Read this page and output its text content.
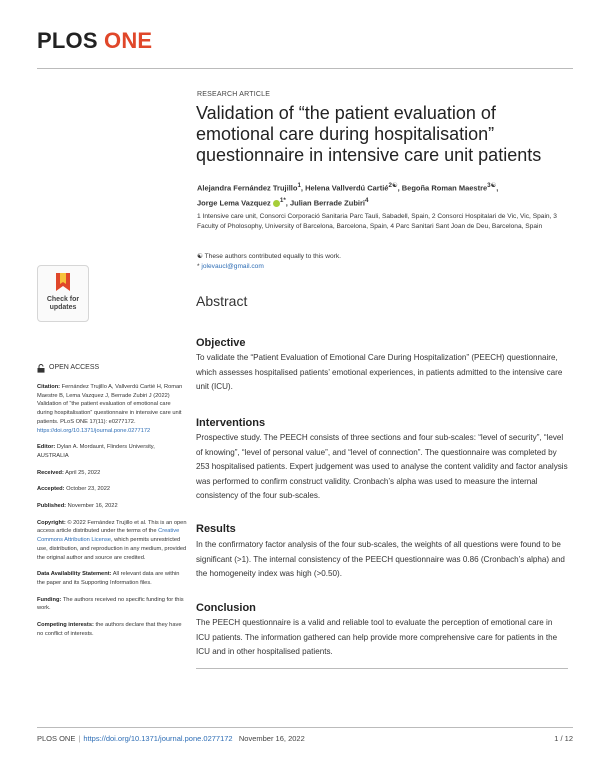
PLOS ONE
Check for
updates
RESEARCH ARTICLE
Validation of “the patient evaluation of emotional care during hospitalisation” questionnaire in intensive care unit patients
Alejandra Fernández Trujillo$^1$, Helena Vallverdú Cartié$^{2☯}$, Begoña Roman Maestre$^{3☯}$,
Jorge Lema Vazquez $^{1*}$, Julian Berrade Zubiri$^4$
1 Intensive care unit, Consorci Corporació Sanitaria Parc Tauli, Sabadell, Spain, 2 Consorci Hospitalari de Vic, Vic, Spain, 3 Faculty of Pholosophy, University of Barcelona, Barcelona, Spain, 4 Parc Sanitari Sant Joan de Deu, Barcelona, Spain
☯ These authors contributed equally to this work.
* jolevaucl@gmail.com
Abstract
Objective
To validate the “Patient Evaluation of Emotional Care During Hospitalization” (PEECH) questionnaire, which assesses hospitalised patients’ emotional experiences, in patients admitted to the intensive care unit (ICU).
Interventions
Prospective study. The PEECH consists of three sections and four sub-scales: “level of security”, “level of knowing”, “level of personal value”, and “level of connection”. The questionnaire was completed by 253 hospitalised patients. Expert judgement was used to analyse the content validity and factor analysis was performed to confirm construct validity. Cronbach’s alpha was used to measure the internal consistency of the four sub-scales.
Results
In the confirmatory factor analysis of the four sub-scales, the weights of all questions were found to be significant (>1). The internal consistency of the PEECH questionnaire was 0.86 (Cronbach’s alpha) and the homogeneity index was high (>0.50).
Conclusion
The PEECH questionnaire is a valid and reliable tool to evaluate the perception of emotional care in ICU patients. The information gathered can help provide more comprehensive care for patients in the ICU and in other hospitalised patients.
OPEN ACCESS

Citation: Fernández Trujillo A, Vallverdú Cartié H, Roman Maestre B, Lema Vazquez J, Berrade Zubiri J (2022) Validation of “the patient evaluation of emotional care during hospitalisation” questionnaire in intensive care unit patients. PLoS ONE 17(11): e0277172. https://doi.org/10.1371/journal.pone.0277172

Editor: Dylan A. Mordaunt, Flinders University, AUSTRALIA

Received: April 25, 2022

Accepted: October 23, 2022

Published: November 16, 2022

Copyright: © 2022 Fernández Trujillo et al. This is an open access article distributed under the terms of the Creative Commons Attribution License, which permits unrestricted use, distribution, and reproduction in any medium, provided the original author and source are credited.

Data Availability Statement: All relevant data are within the paper and its Supporting Information files.

Funding: The authors received no specific funding for this work.

Competing interests: the authors declare that they have no conflict of interests.

PLOS ONE | https://doi.org/10.1371/journal.pone.0277172 November 16, 2022	1 / 12
